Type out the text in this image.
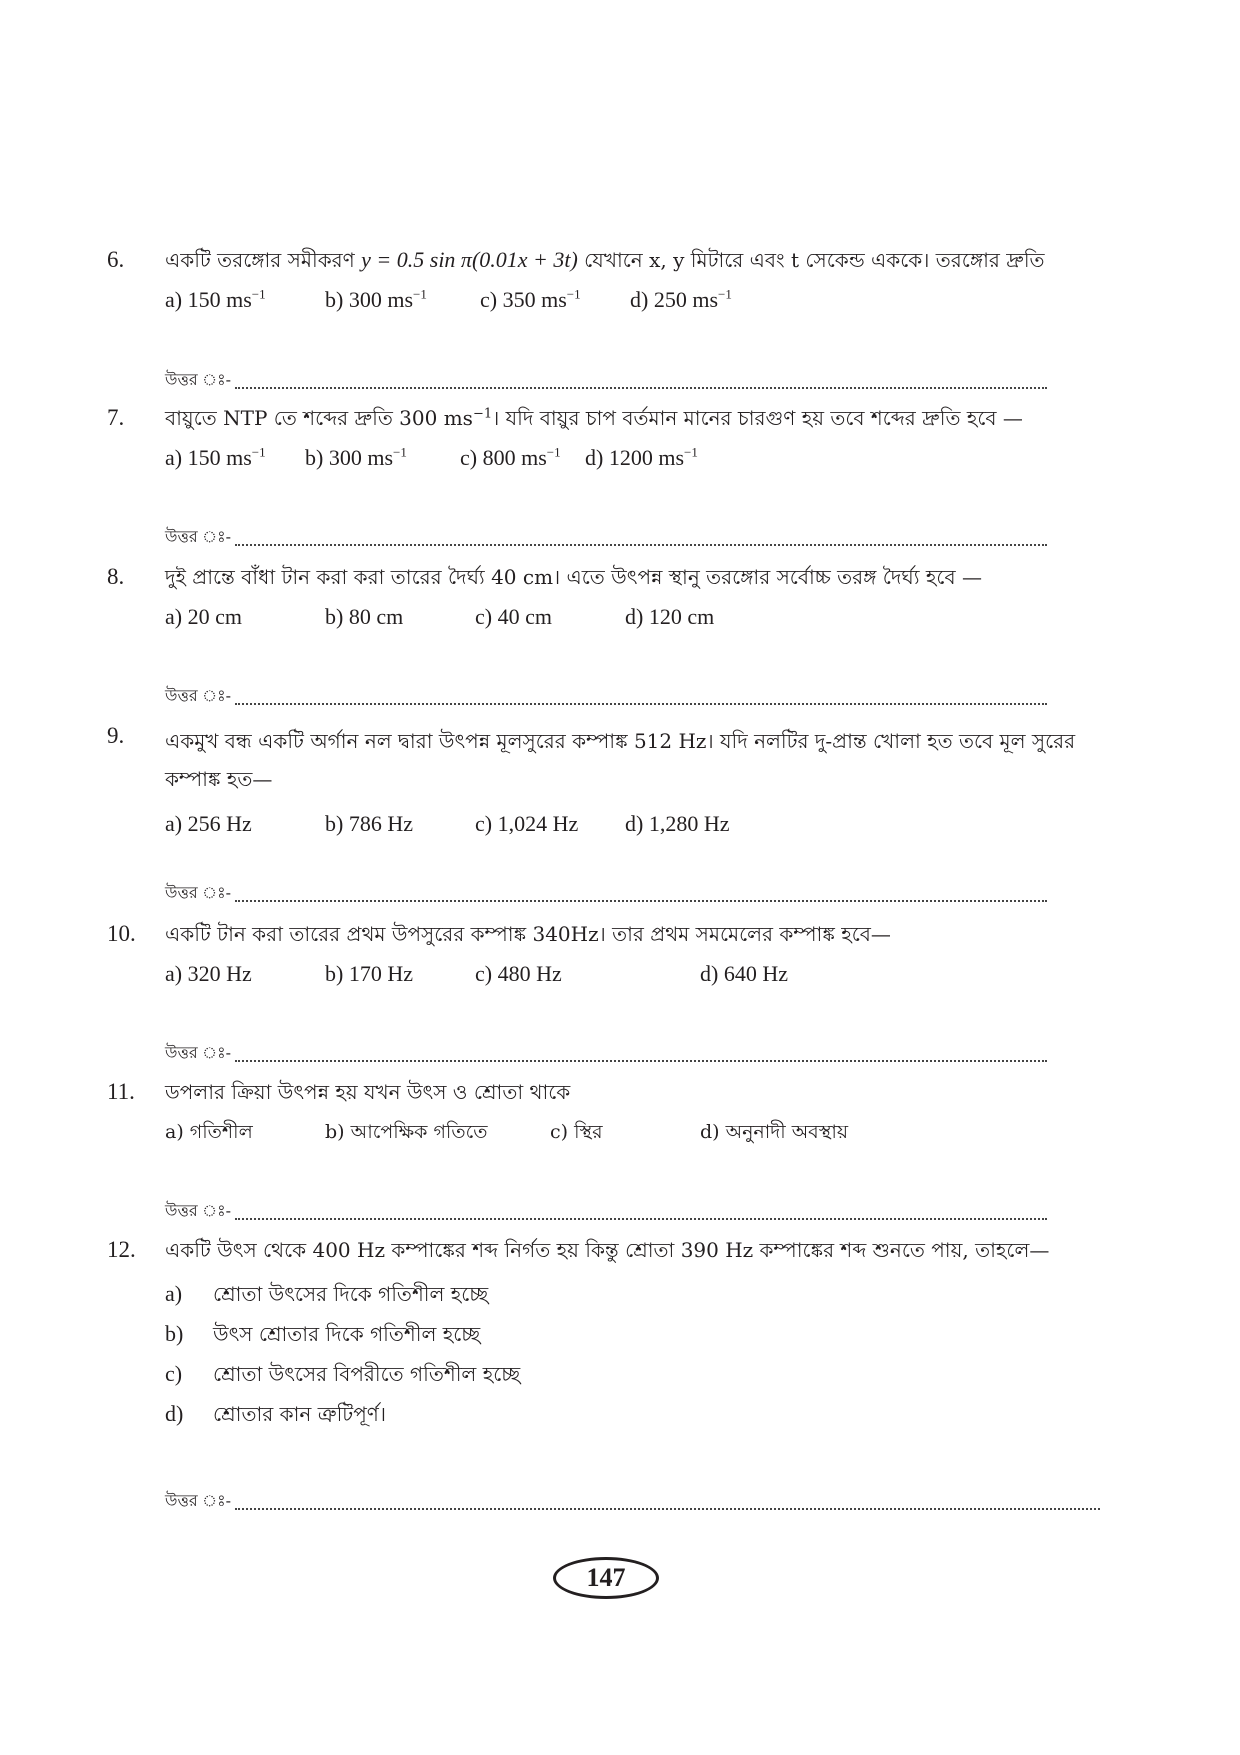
6.	একটি তরঙ্গোর সমীকরণ y = 0.5 sin π(0.01x + 3t) যেখানে x, y মিটারে এবং t সেকেন্ড এককে। তরঙ্গোর দ্রুতি
a) 150 $ms^{-1}$	b) 300 $ms^{-1}$	c) 350 $ms^{-1}$	d) 250 $ms^{-1}$
উত্তর ঃ-
7.	বায়ুতে NTP তে শব্দের দ্রুতি 300 $ms^{-1}।$ যদি বায়ুর চাপ বর্তমান মানের চারগুণ হয় তবে শব্দের দ্রুতি হবে —
a) 150 $ms^{-1}$	b) 300 $ms^{-1}$	c) 800 $ms^{-1}$	d) 1200 $ms^{-1}$
উত্তর ঃ-
8.	দুই প্রান্তে বাঁধা টান করা করা তারের দৈর্ঘ্য 40 cm। এতে উৎপন্ন স্থানু তরঙ্গোর সর্বোচ্চ তরঙ্গ দৈর্ঘ্য হবে —
a) 20 cm	b) 80 cm	c) 40 cm	d) 120 cm
উত্তর ঃ-
9.	একমুখ বন্ধ একটি অর্গান নল দ্বারা উৎপন্ন মূলসুরের কম্পাঙ্ক 512 Hz। যদি নলটির দু-প্রান্ত খোলা হত তবে মূল সুরের কম্পাঙ্ক হত—
a) 256 Hz	b) 786 Hz	c) 1,024 Hz	d) 1,280 Hz
উত্তর ঃ-
10.	একটি টান করা তারের প্রথম উপসুরের কম্পাঙ্ক 340Hz। তার প্রথম সমমেলের কম্পাঙ্ক হবে—
a) 320 Hz	b) 170 Hz	c) 480 Hz	d) 640 Hz
উত্তর ঃ-
11.	ডপলার ক্রিয়া উৎপন্ন হয় যখন উৎস ও শ্রোতা থাকে
a) গতিশীল	b) আপেক্ষিক গতিতে	c) স্থির	d) অনুনাদী অবস্থায়
উত্তর ঃ-
12.	একটি উৎস থেকে 400 Hz কম্পাঙ্কের শব্দ নির্গত হয় কিন্তু শ্রোতা 390 Hz কম্পাঙ্কের শব্দ শুনতে পায়, তাহলে—
a)	শ্রোতা উৎসের দিকে গতিশীল হচ্ছে
b)	উৎস শ্রোতার দিকে গতিশীল হচ্ছে
c)	শ্রোতা উৎসের বিপরীতে গতিশীল হচ্ছে
d)	শ্রোতার কান ত্রুটিপূর্ণ।
উত্তর ঃ-
147
